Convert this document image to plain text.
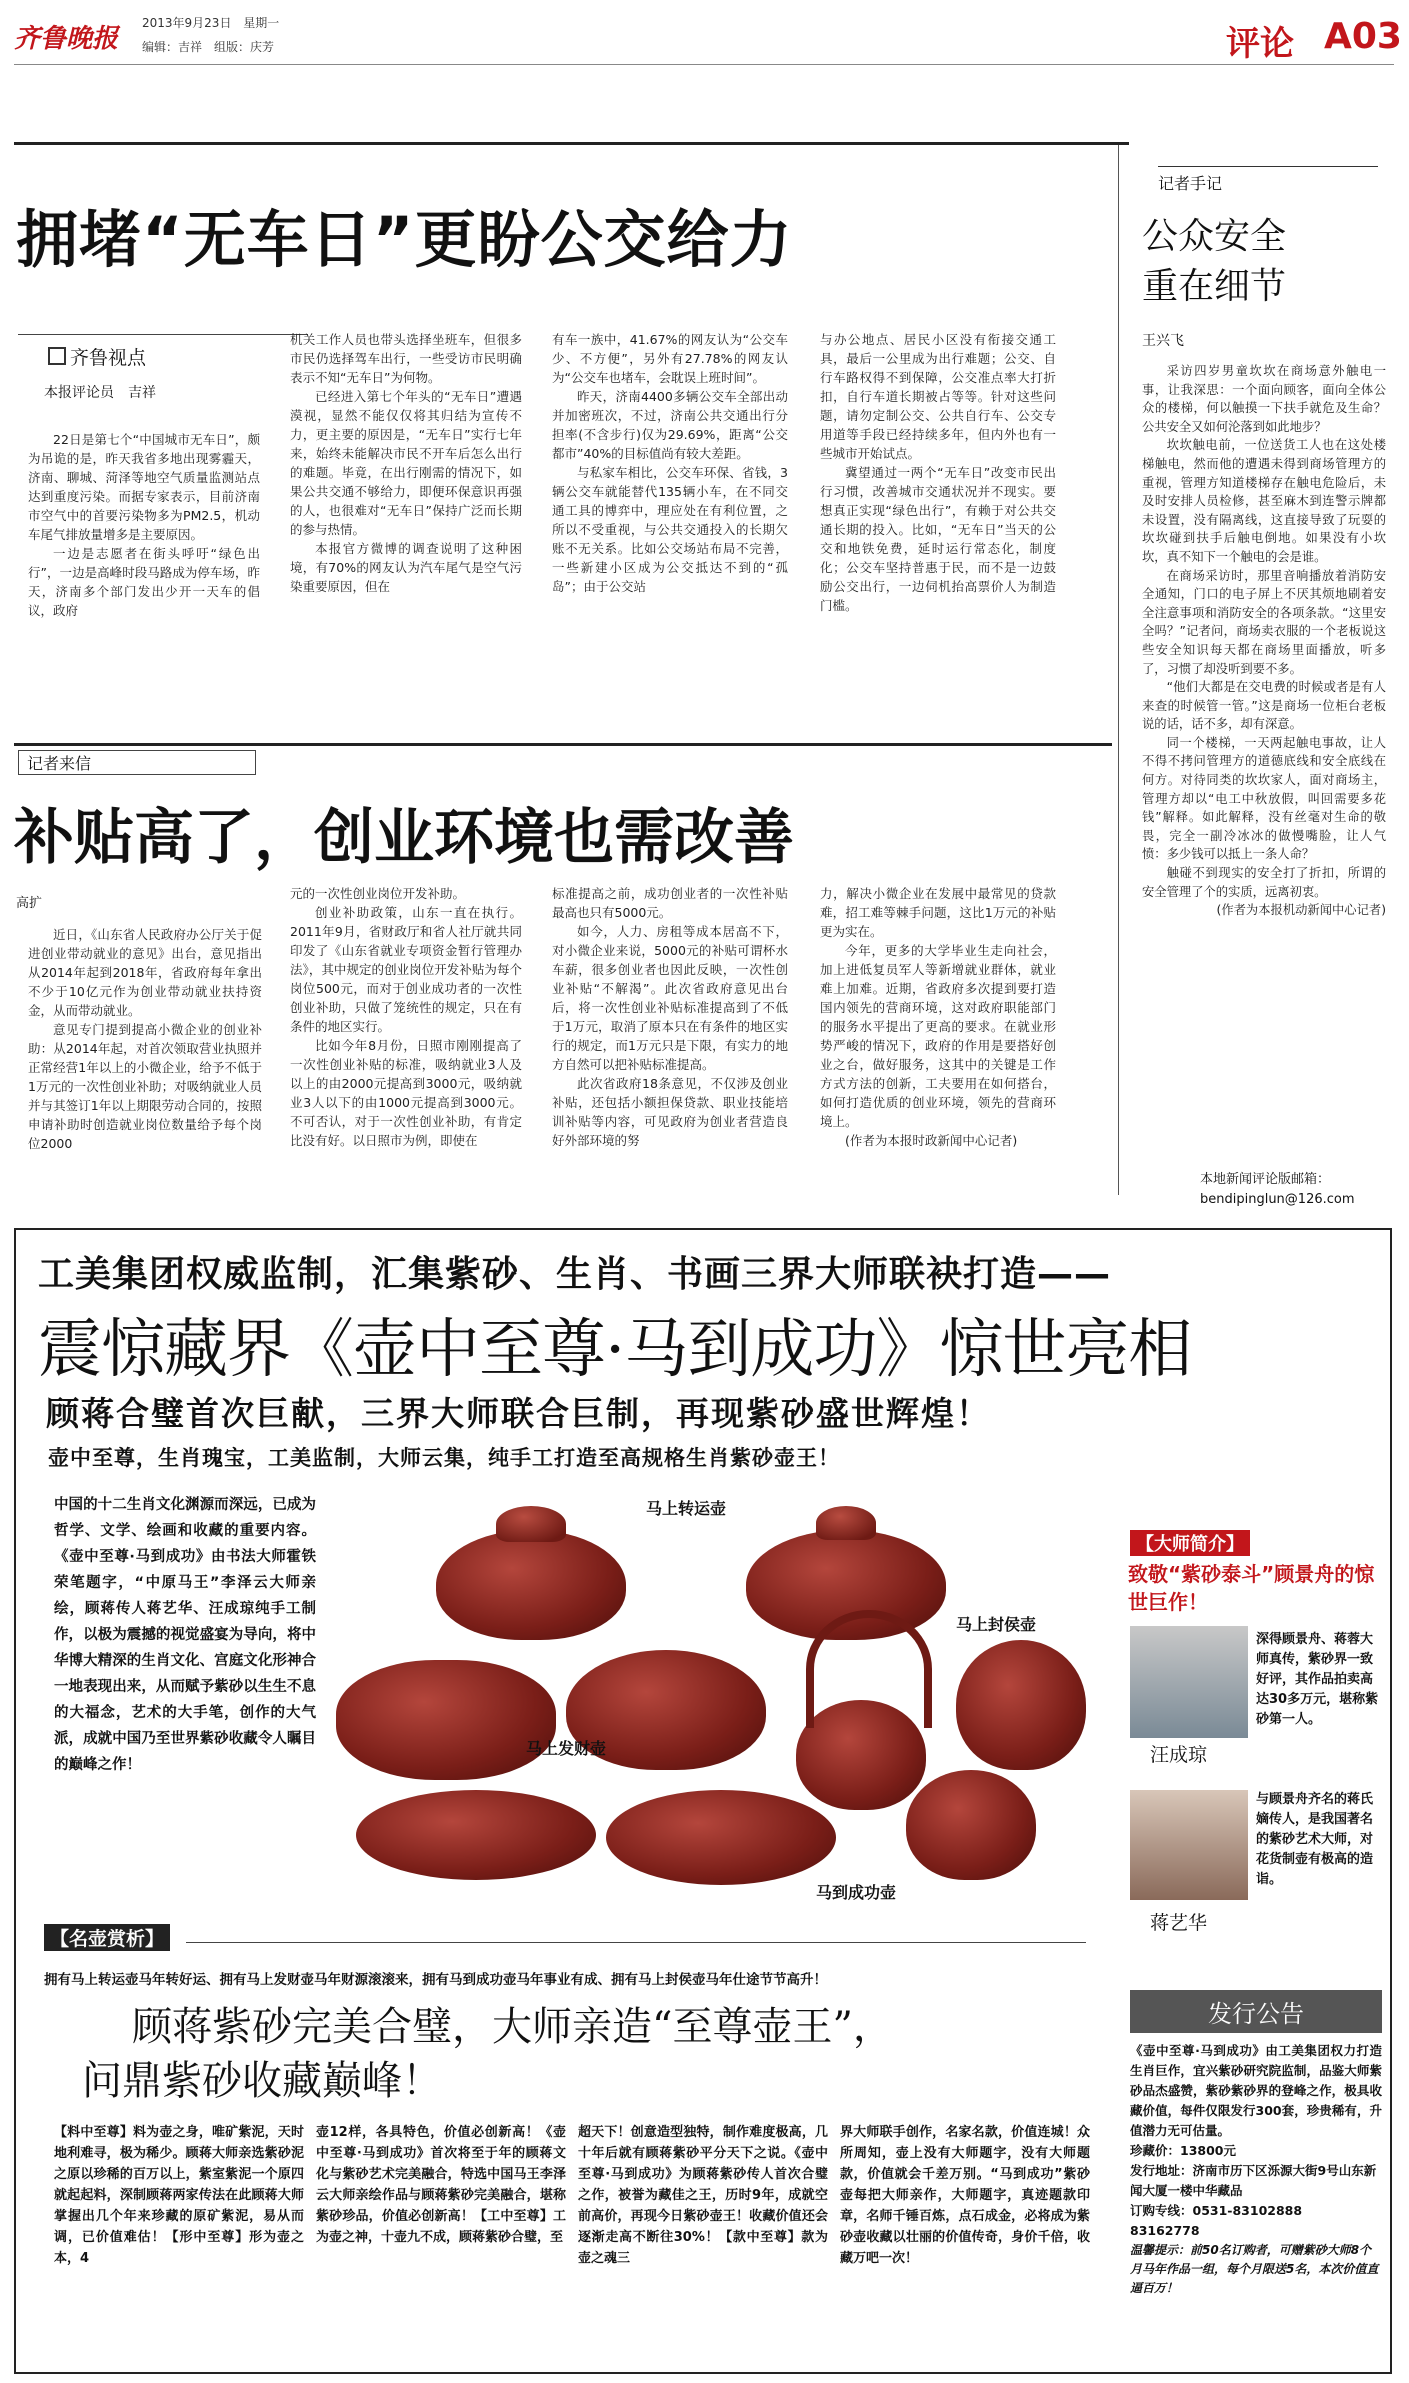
齐鲁晚报
2013年9月23日 星期一
编辑：吉祥　组版：庆芳	评论 A03
拥堵“无车日”更盼公交给力
齐鲁视点
本报评论员　吉祥

22日是第七个“中国城市无车日”，颇为吊诡的是，昨天我省多地出现雾霾天，济南、聊城、菏泽等地空气质量监测站点达到重度污染。而据专家表示，目前济南市空气中的首要污染物多为PM2.5，机动车尾气排放量增多是主要原因。

一边是志愿者在街头呼吁“绿色出行”，一边是高峰时段马路成为停车场，昨天，济南多个部门发出少开一天车的倡议，政府

机关工作人员也带头选择坐班车，但很多市民仍选择驾车出行，一些受访市民明确表示不知“无车日”为何物。

已经进入第七个年头的“无车日”遭遇漠视，显然不能仅仅将其归结为宣传不力，更主要的原因是，“无车日”实行七年来，始终未能解决市民不开车后怎么出行的难题。毕竟，在出行刚需的情况下，如果公共交通不够给力，即便环保意识再强的人，也很难对“无车日”保持广泛而长期的参与热情。

本报官方微博的调查说明了这种困境，有70%的网友认为汽车尾气是空气污染重要原因，但在

有车一族中，41.67%的网友认为“公交车少、不方便”，另外有27.78%的网友认为“公交车也堵车，会耽误上班时间”。

昨天，济南4400多辆公交车全部出动并加密班次，不过，济南公共交通出行分担率(不含步行)仅为29.69%，距离“公交都市”40%的目标值尚有较大差距。

与私家车相比，公交车环保、省钱，3辆公交车就能替代135辆小车，在不同交通工具的博弈中，理应处在有利位置，之所以不受重视，与公共交通投入的长期欠账不无关系。比如公交场站布局不完善，一些新建小区成为公交抵达不到的“孤岛”；由于公交站

与办公地点、居民小区没有衔接交通工具，最后一公里成为出行难题；公交、自行车路权得不到保障，公交准点率大打折扣，自行车道长期被占等等。针对这些问题，请勿定制公交、公共自行车、公交专用道等手段已经持续多年，但内外也有一些城市开始试点。

冀望通过一两个“无车日”改变市民出行习惯，改善城市交通状况并不现实。要想真正实现“绿色出行”，有赖于对公共交通长期的投入。比如，“无车日”当天的公交和地铁免费，延时运行常态化，制度化；公交车坚持普惠于民，而不是一边鼓励公交出行，一边伺机抬高票价人为制造门槛。

记者手记
公众安全
重在细节
王兴飞

采访四岁男童坎坎在商场意外触电一事，让我深思：一个面向顾客，面向全体公众的楼梯，何以触摸一下扶手就危及生命？公共安全又如何沦落到如此地步？

坎坎触电前，一位送货工人也在这处楼梯触电，然而他的遭遇未得到商场管理方的重视，管理方知道楼梯存在触电危险后，未及时安排人员检修，甚至麻木到连警示牌都未设置，没有隔离线，这直接导致了玩耍的坎坎碰到扶手后触电倒地。如果没有小坎坎，真不知下一个触电的会是谁。

在商场采访时，那里音响播放着消防安全通知，门口的电子屏上不厌其烦地刷着安全注意事项和消防安全的各项条款。“这里安全吗？”记者问，商场卖衣服的一个老板说这些安全知识每天都在商场里面播放，听多了，习惯了却没听到要不多。

“他们大都是在交电费的时候或者是有人来查的时候管一管。”这是商场一位柜台老板说的话，话不多，却有深意。

同一个楼梯，一天两起触电事故，让人不得不拷问管理方的道德底线和安全底线在何方。对待同类的坎坎家人，面对商场主，管理方却以“电工中秋放假，叫回需要多花钱”解释。如此解释，没有丝毫对生命的敬畏，完全一副冷冰冰的做慢嘴脸，让人气愤：多少钱可以抵上一条人命？

触碰不到现实的安全打了折扣，所谓的安全管理了个的实质，远离初衷。

(作者为本报机动新闻中心记者)

本地新闻评论版邮箱：
bendipinglun@126.com
记者来信
补贴高了，创业环境也需改善
高扩

近日，《山东省人民政府办公厅关于促进创业带动就业的意见》出台，意见指出从2014年起到2018年，省政府每年拿出不少于10亿元作为创业带动就业扶持资金，从而带动就业。

意见专门提到提高小微企业的创业补助：从2014年起，对首次领取营业执照并正常经营1年以上的小微企业，给予不低于1万元的一次性创业补助；对吸纳就业人员并与其签订1年以上期限劳动合同的，按照申请补助时创造就业岗位数量给予每个岗位2000

元的一次性创业岗位开发补助。

创业补助政策，山东一直在执行。2011年9月，省财政厅和省人社厅就共同印发了《山东省就业专项资金暂行管理办法》，其中规定的创业岗位开发补贴为每个岗位500元，而对于创业成功者的一次性创业补助，只做了笼统性的规定，只在有条件的地区实行。

比如今年8月份，日照市刚刚提高了一次性创业补贴的标准，吸纳就业3人及以上的由2000元提高到3000元，吸纳就业3人以下的由1000元提高到3000元。不可否认，对于一次性创业补助，有肯定比没有好。以日照市为例，即使在

标准提高之前，成功创业者的一次性补贴最高也只有5000元。

如今，人力、房租等成本居高不下，对小微企业来说，5000元的补贴可谓杯水车薪，很多创业者也因此反映，一次性创业补贴“不解渴”。此次省政府意见出台后，将一次性创业补贴标准提高到了不低于1万元，取消了原本只在有条件的地区实行的规定，而1万元只是下限，有实力的地方自然可以把补贴标准提高。

此次省政府18条意见，不仅涉及创业补贴，还包括小额担保贷款、职业技能培训补贴等内容，可见政府为创业者营造良好外部环境的努

力，解决小微企业在发展中最常见的贷款难，招工难等棘手问题，这比1万元的补贴更为实在。

今年，更多的大学毕业生走向社会，加上进低复员军人等新增就业群体，就业难上加难。近期，省政府多次提到要打造国内领先的营商环境，这对政府职能部门的服务水平提出了更高的要求。在就业形势严峻的情况下，政府的作用是要搭好创业之台，做好服务，这其中的关键是工作方式方法的创新，工夫要用在如何搭台，如何打造优质的创业环境，领先的营商环境上。

(作者为本报时政新闻中心记者)

工美集团权威监制，汇集紫砂、生肖、书画三界大师联袂打造——
震惊藏界《壶中至尊·马到成功》惊世亮相
顾蒋合璧首次巨献，三界大师联合巨制，再现紫砂盛世辉煌！
壶中至尊，生肖瑰宝，工美监制，大师云集，纯手工打造至高规格生肖紫砂壶王！
中国的十二生肖文化渊源而深远，已成为哲学、文学、绘画和收藏的重要内容。《壶中至尊·马到成功》由书法大师霍铁荣笔题字，“中原马王”李泽云大师亲绘，顾蒋传人蒋艺华、汪成琼纯手工制作，以极为震撼的视觉盛宴为导向，将中华博大精深的生肖文化、宫庭文化形神合一地表现出来，从而赋予紫砂以生生不息的大福念，艺术的大手笔，创作的大气派，成就中国乃至世界紫砂收藏令人瞩目的巅峰之作！
马上转运壶
马上封侯壶
马上发财壶
马到成功壶
【大师简介】
致敬“紫砂泰斗”顾景舟的惊世巨作！
汪成琼
深得顾景舟、蒋蓉大师真传，紫砂界一致好评，其作品拍卖高达30多万元，堪称紫砂第一人。
蒋艺华
与顾景舟齐名的蒋氏嫡传人，是我国著名的紫砂艺术大师，对花货制壶有极高的造诣。
【名壶赏析】
拥有马上转运壶马年转好运、拥有马上发财壶马年财源滚滚来，拥有马到成功壶马年事业有成、拥有马上封侯壶马年仕途节节高升！
顾蒋紫砂完美合璧，大师亲造“至尊壶王”，
问鼎紫砂收藏巅峰！
【料中至尊】料为壶之身，唯矿紫泥，天时地利难寻，极为稀少。顾蒋大师亲选紫砂泥之原以珍稀的百万以上，紫室紫泥一个原四就起起料，深制顾蒋两家传法在此顾蒋大师掌握出几个年来珍藏的原矿紫泥，易从而调，已价值难估！【形中至尊】形为壶之本，4
壶12样，各具特色，价值必创新高！《壶中至尊·马到成功》首次将至于年的顾蒋文化与紫砂艺术完美融合，特选中国马王李泽云大师亲绘作品与顾蒋紫砂完美融合，堪称紫砂珍品，价值必创新高！【工中至尊】工为壶之神，十壶九不成，顾蒋紫砂合璧，至
超天下！创意造型独特，制作难度极高，几十年后就有顾蒋紫砂平分天下之说。《壶中至尊·马到成功》为顾蒋紫砂传人首次合璧之作，被誉为藏佳之王，历时9年，成就空前高价，再现今日紫砂壶王！收藏价值还会逐渐走高不断往30%！【款中至尊】款为壶之魂三
界大师联手创作，名家名款，价值连城！众所周知，壶上没有大师题字，没有大师题款，价值就会千差万别。“马到成功”紫砂壶每把大师亲作，大师题字，真迹题款印章，名师千锤百炼，点石成金，必将成为紫砂壶收藏以壮丽的价值传奇，身价千倍，收藏万吧一次！
发行公告
《壶中至尊·马到成功》由工美集团权力打造生肖巨作，宜兴紫砂研究院监制，品鉴大师紫砂品杰盛赞，紫砂紫砂界的登峰之作，极具收藏价值，每件仅限发行300套，珍贵稀有，升值潜力无可估量。
珍藏价：13800元
发行地址：济南市历下区泺源大街9号山东新闻大厦一楼中华藏品
订购专线：0531-83102888　83162778
温馨提示：前50名订购者，可赠紫砂大师8个月马年作品一组，每个月限送5名，本次价值直逼百万！
